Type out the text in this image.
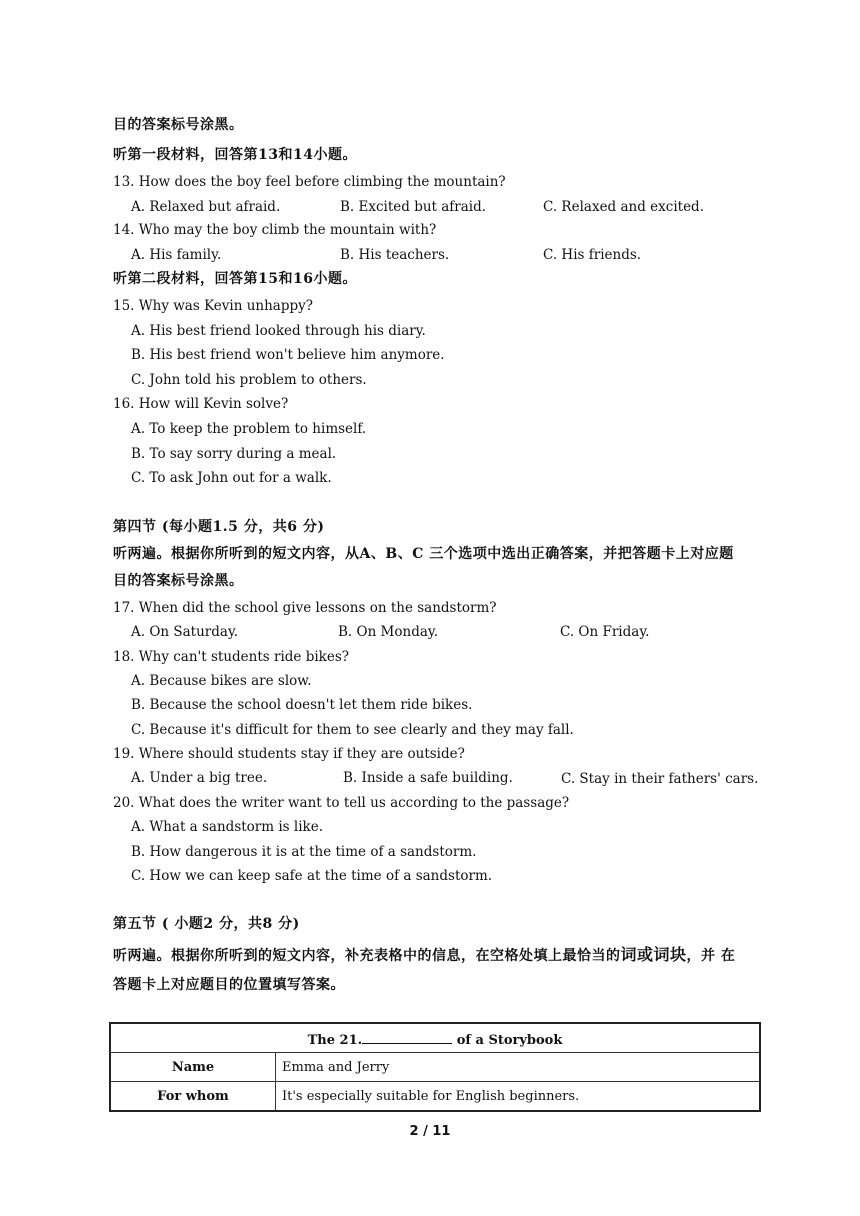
目的答案标号涂黑。
听第一段材料，回答第13和14小题。
13. How does the boy feel before climbing the mountain?
A. Relaxed but afraid.	B. Excited but afraid.	C. Relaxed and excited.
14. Who may the boy climb the mountain with?
A. His family.	B. His teachers.	C. His friends.
听第二段材料，回答第15和16小题。
15. Why was Kevin unhappy?
A. His best friend looked through his diary.
B. His best friend won't believe him anymore.
C. John told his problem to others.
16. How will Kevin solve?
A. To keep the problem to himself.
B. To say sorry during a meal.
C. To ask John out for a walk.
第四节 (每小题1.5 分，共6 分)
听两遍。根据你所听到的短文内容，从A、B、C 三个选项中选出正确答案，并把答题卡上对应题
目的答案标号涂黑。
17. When did the school give lessons on the sandstorm?
A. On Saturday.	B. On Monday.	C. On Friday.
18. Why can't students ride bikes?
A. Because bikes are slow.
B. Because the school doesn't let them ride bikes.
C. Because it's difficult for them to see clearly and they may fall.
19. Where should students stay if they are outside?
A. Under a big tree.	B. Inside a safe building.	C. Stay in their fathers' cars.
20. What does the writer want to tell us according to the passage?
A. What a sandstorm is like.
B. How dangerous it is at the time of a sandstorm.
C. How we can keep safe at the time of a sandstorm.
第五节 ( 小题2 分，共8 分)
听两遍。根据你所听到的短文内容，补充表格中的信息，在空格处填上最恰当的词或词块，并 在
答题卡上对应题目的位置填写答案。
The 21. of a Storybook	
Name	Emma and Jerry
For whom	It's especially suitable for English beginners.
2 / 11
